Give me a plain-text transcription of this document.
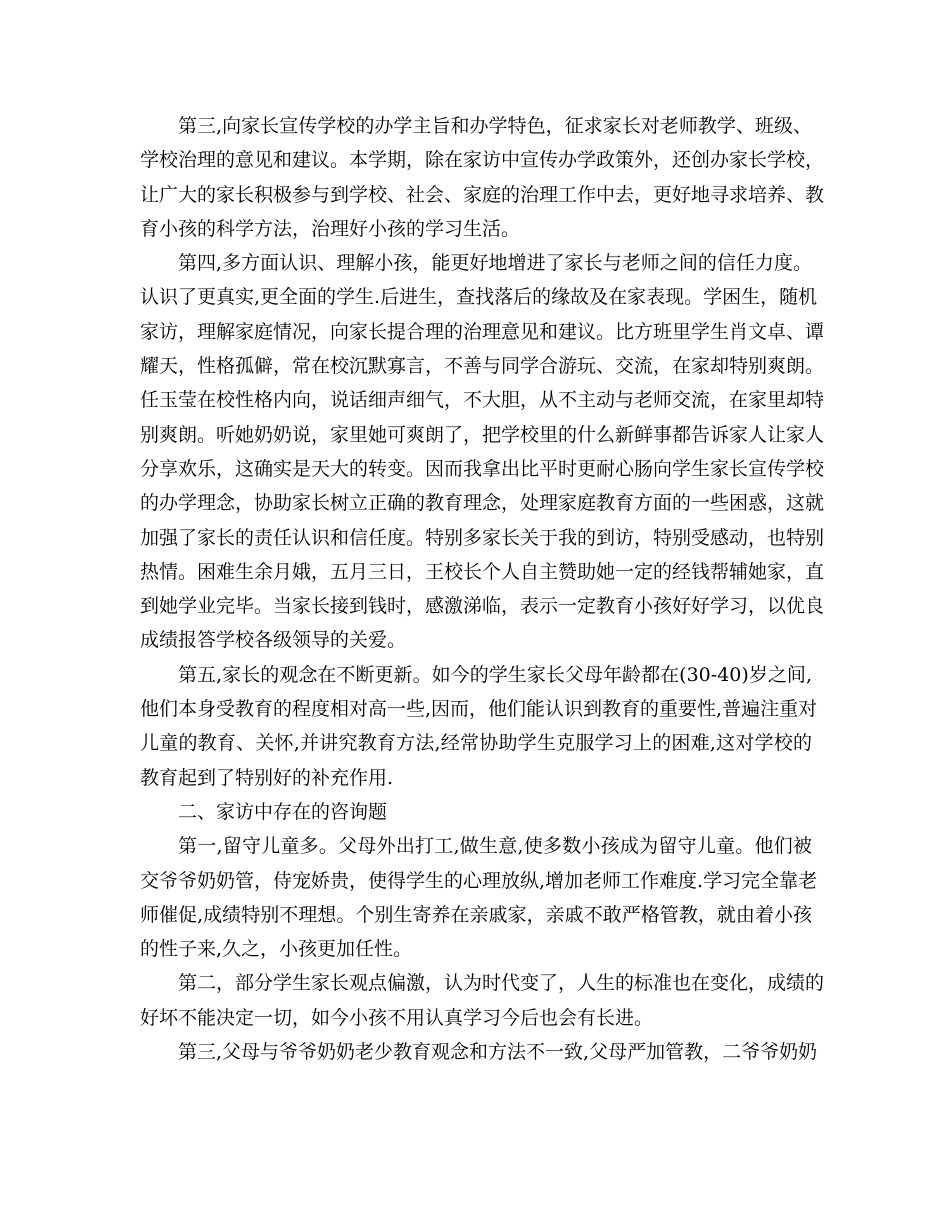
第三,向家长宣传学校的办学主旨和办学特色，征求家长对老师教学、班级、
学校治理的意见和建议。本学期，除在家访中宣传办学政策外，还创办家长学校，
让广大的家长积极参与到学校、社会、家庭的治理工作中去，更好地寻求培养、教
育小孩的科学方法，治理好小孩的学习生活。
第四,多方面认识、理解小孩，能更好地增进了家长与老师之间的信任力度。
认识了更真实,更全面的学生.后进生，查找落后的缘故及在家表现。学困生，随机
家访，理解家庭情况，向家长提合理的治理意见和建议。比方班里学生肖文卓、谭
耀天，性格孤僻，常在校沉默寡言，不善与同学合游玩、交流，在家却特别爽朗。
任玉莹在校性格内向，说话细声细气，不大胆，从不主动与老师交流，在家里却特
别爽朗。听她奶奶说，家里她可爽朗了，把学校里的什么新鲜事都告诉家人让家人
分享欢乐，这确实是天大的转变。因而我拿出比平时更耐心肠向学生家长宣传学校
的办学理念，协助家长树立正确的教育理念，处理家庭教育方面的一些困惑，这就
加强了家长的责任认识和信任度。特别多家长关于我的到访，特别受感动，也特别
热情。困难生余月娥，五月三日，王校长个人自主赞助她一定的经钱帮辅她家，直
到她学业完毕。当家长接到钱时，感激涕临，表示一定教育小孩好好学习，以优良
成绩报答学校各级领导的关爱。
第五,家长的观念在不断更新。如今的学生家长父母年龄都在(30-40)岁之间,
他们本身受教育的程度相对高一些,因而，他们能认识到教育的重要性,普遍注重对
儿童的教育、关怀,并讲究教育方法,经常协助学生克服学习上的困难,这对学校的
教育起到了特别好的补充作用.
二、家访中存在的咨询题
第一,留守儿童多。父母外出打工,做生意,使多数小孩成为留守儿童。他们被
交爷爷奶奶管，侍宠娇贵，使得学生的心理放纵,增加老师工作难度.学习完全靠老
师催促,成绩特别不理想。个别生寄养在亲戚家，亲戚不敢严格管教，就由着小孩
的性子来,久之，小孩更加任性。
第二，部分学生家长观点偏激，认为时代变了，人生的标准也在变化，成绩的
好坏不能决定一切，如今小孩不用认真学习今后也会有长进。
第三,父母与爷爷奶奶老少教育观念和方法不一致,父母严加管教，二爷爷奶奶
